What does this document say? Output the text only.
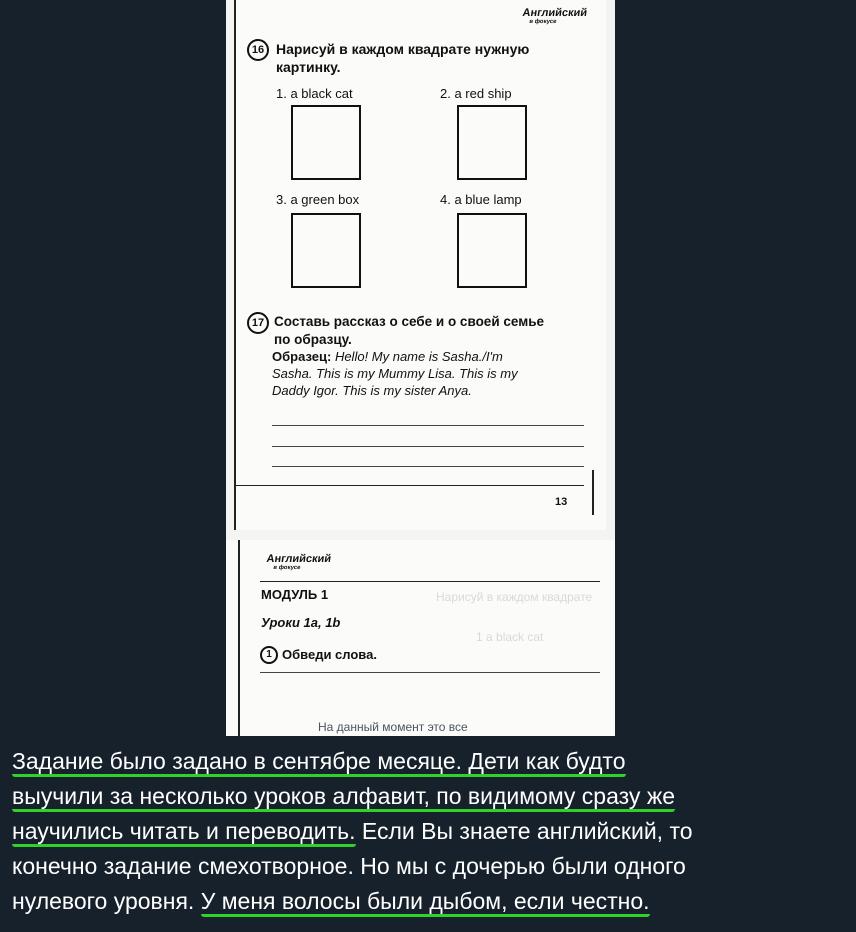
Английский
в фокусе
16 Нарисуй в каждом квадрате нужную
картинку.
1. a black cat	2. a red ship
3. a green box	4. a blue lamp
17 Составь рассказ о себе и о своей семье
по образцу.
Образец: Hello! My name is Sasha./I'm
Sasha. This is my Mummy Lisa. This is my
Daddy Igor. This is my sister Anya.
13
Английский
в фокусе
МОДУЛЬ 1
Уроки 1a, 1b
1 Обведи слова.
Нарисуй в каждом квадрате
1 a black cat
На данный момент это все
Задание было задано в сентябре месяце. Дети как будто
выучили за несколько уроков алфавит, по видимому сразу же
научились читать и переводить. Если Вы знаете английский, то
конечно задание смехотворное. Но мы с дочерью были одного
нулевого уровня. У меня волосы были дыбом, если честно.
